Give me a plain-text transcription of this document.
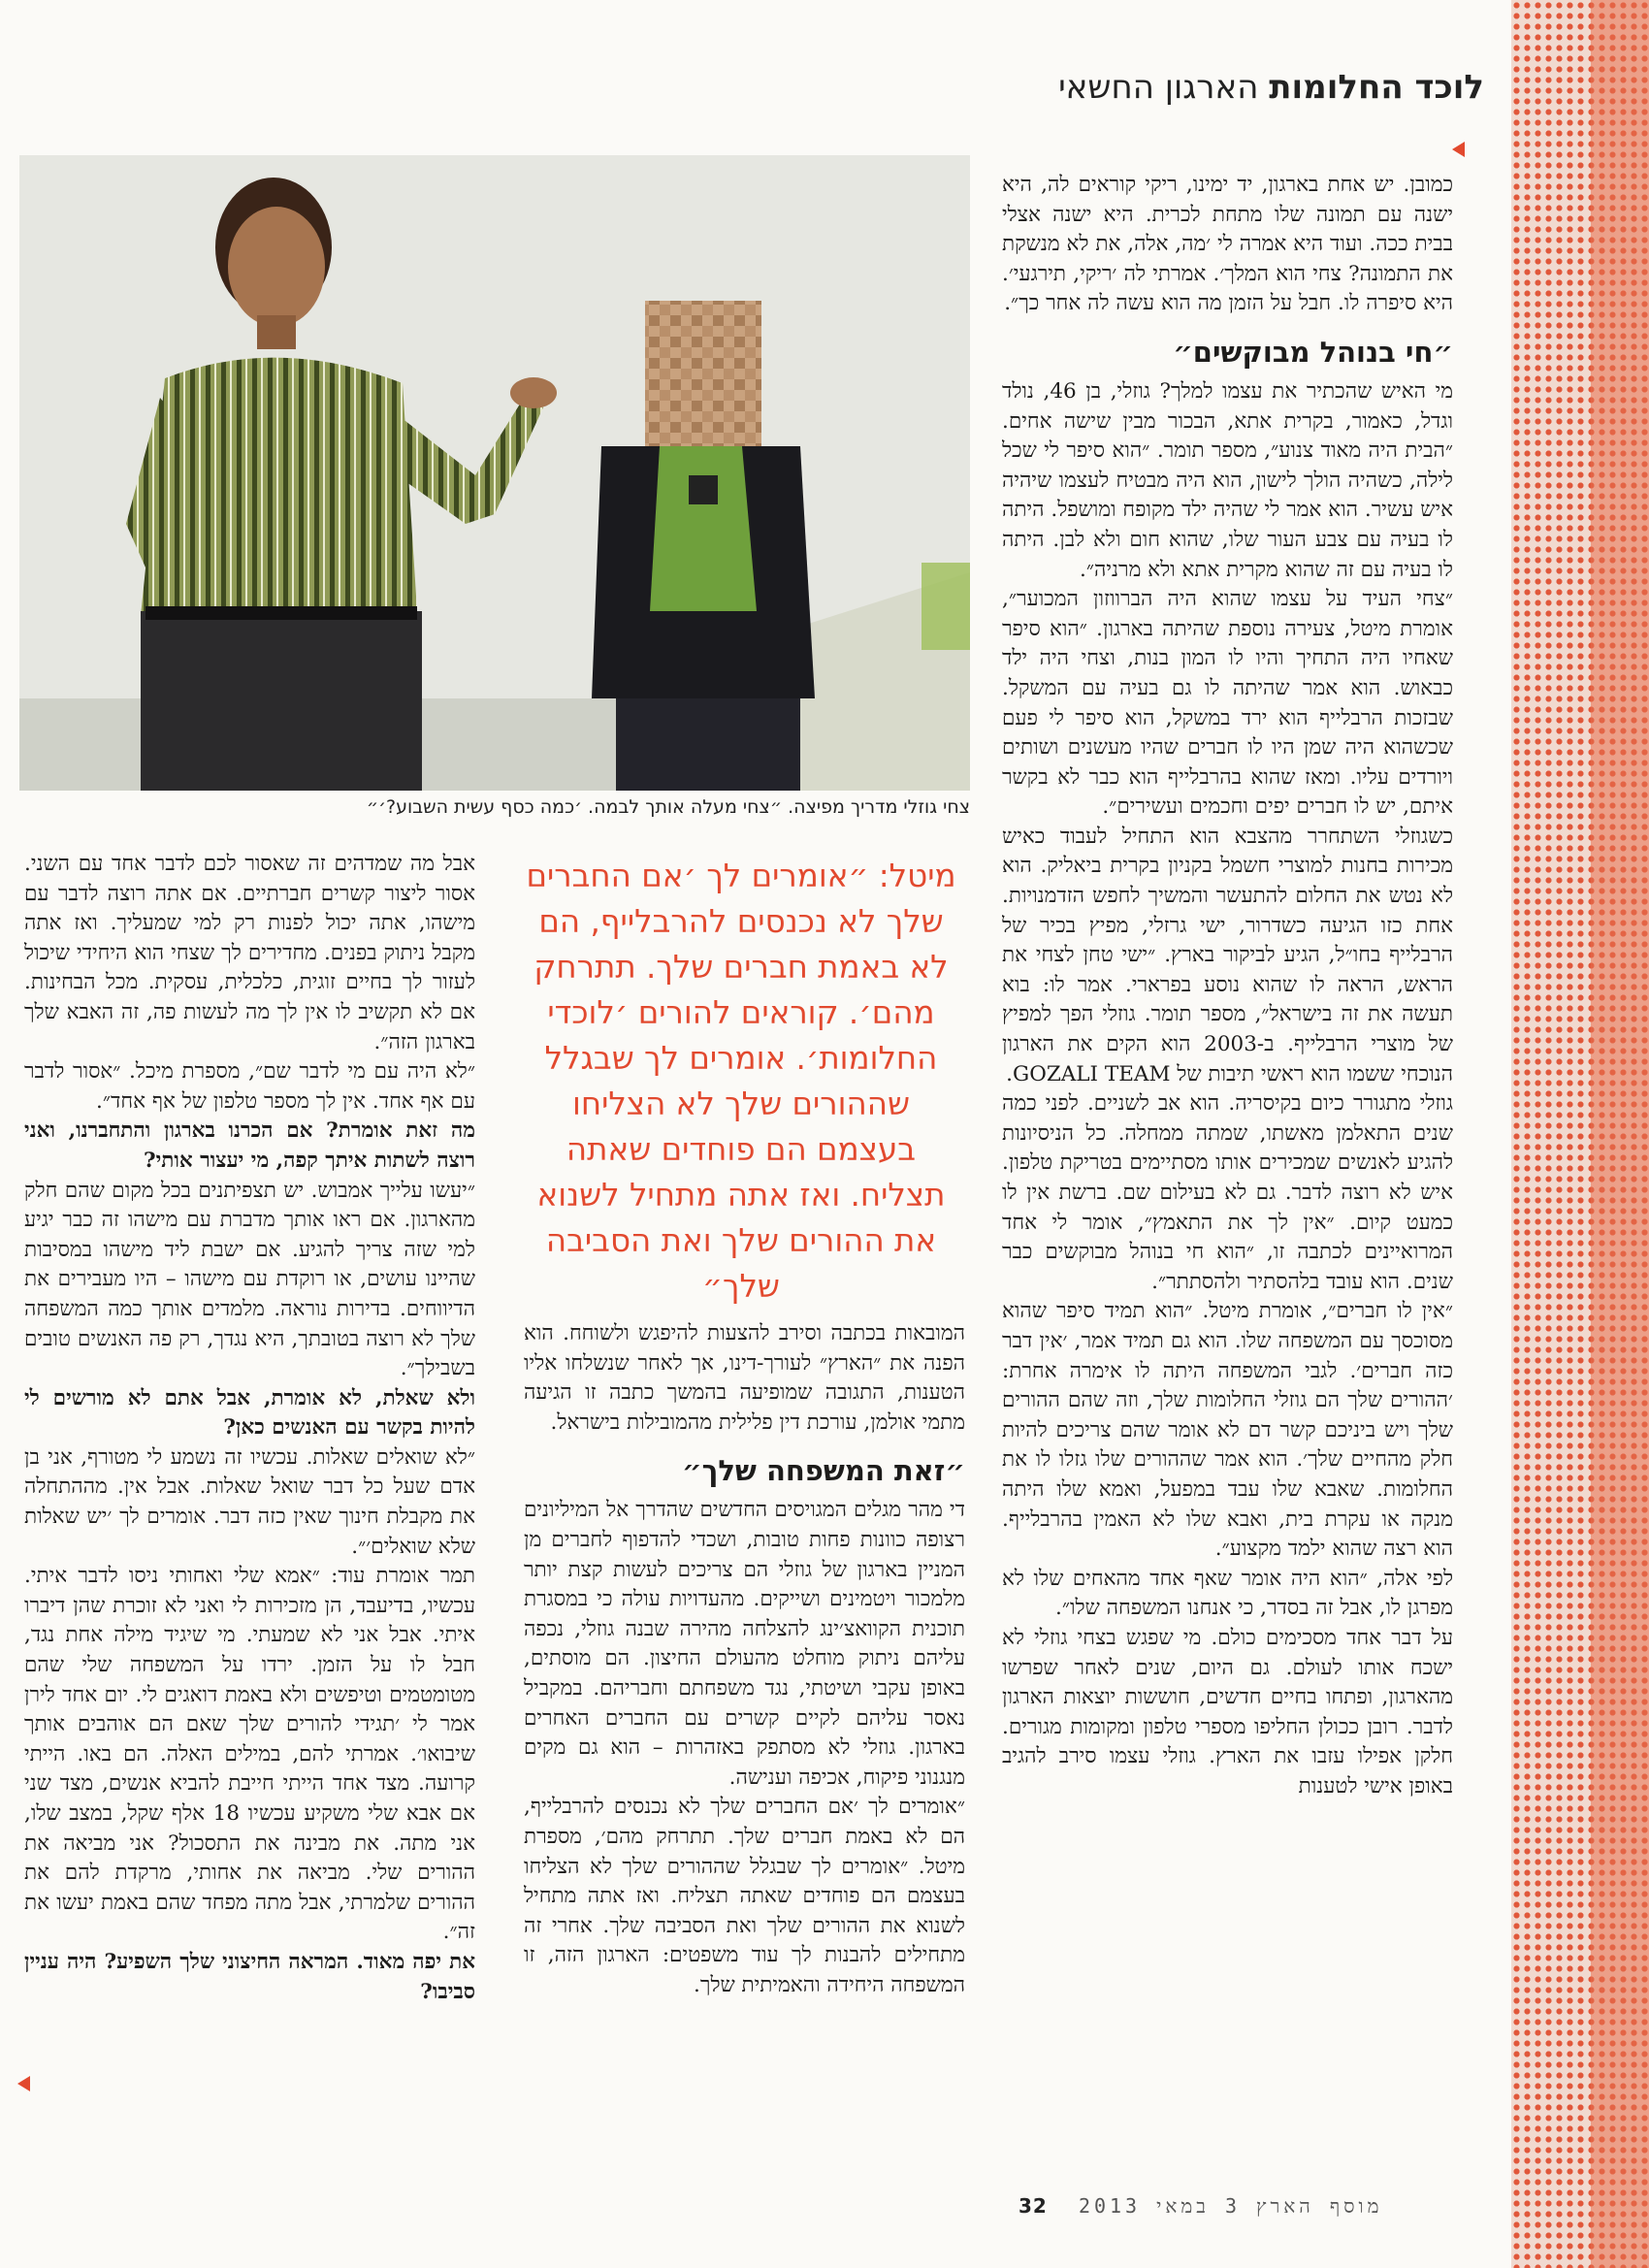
לוכד החלומות הארגון החשאי
צחי גוזלי מדריך מפיצה. ״צחי מעלה אותך לבמה. ׳כמה כסף עשית השבוע?׳״

כמובן. יש אחת בארגון, יד ימינו, ריקי קוראים לה, היא ישנה עם תמונה שלו מתחת לכרית. היא ישנה אצלי בבית ככה. ועוד היא אמרה לי ׳מה, אלה, את לא מנשקת את התמונה? צחי הוא המלך׳. אמרתי לה ׳ריקי, תירגעי׳. היא סיפרה לו. חבל על הזמן מה הוא עשה לה אחר כך״.

״חי בנוהל מבוקשים״

מי האיש שהכתיר את עצמו למלך? גוזלי, בן 46, נולד וגדל, כאמור, בקרית אתא, הבכור מבין שישה אחים. ״הבית היה מאוד צנוע״, מספר תומר. ״הוא סיפר לי שכל לילה, כשהיה הולך לישון, הוא היה מבטיח לעצמו שיהיה איש עשיר. הוא אמר לי שהיה ילד מקופח ומושפל. היתה לו בעיה עם צבע העור שלו, שהוא חום ולא לבן. היתה לו בעיה עם זה שהוא מקרית אתא ולא מרניה״.

״צחי העיד על עצמו שהוא היה הברווזון המכוער״, אומרת מיטל, צעירה נוספת שהיתה בארגון. ״הוא סיפר שאחיו היה התחיך והיו לו המון בנות, וצחי היה ילד כבאוש. הוא אמר שהיתה לו גם בעיה עם המשקל. שבזכות הרבלייף הוא ירד במשקל, הוא סיפר לי פעם שכשהוא היה שמן היו לו חברים שהיו מעשנים ושותים ויורדים עליו. ומאז שהוא בהרבלייף הוא כבר לא בקשר איתם, יש לו חברים יפים וחכמים ועשירים״.

כשגוזלי השתחרר מהצבא הוא התחיל לעבוד כאיש מכירות בחנות למוצרי חשמל בקניון בקרית ביאליק. הוא לא נטש את החלום להתעשר והמשיך לחפש הזדמנויות. אחת כזו הגיעה כשדרור, ישי גרזלי, מפיץ בכיר של הרבלייף בחו״ל, הגיע לביקור בארץ. ״ישי טחן לצחי את הראש, הראה לו שהוא נוסע בפרארי. אמר לו: בוא תעשה את זה בישראל״, מספר תומר. גוזלי הפך למפיץ של מוצרי הרבלייף. ב-2003 הוא הקים את הארגון הנוכחי ששמו הוא ראשי תיבות של GOZALI TEAM.

גוזלי מתגורר כיום בקיסריה. הוא אב לשניים. לפני כמה שנים התאלמן מאשתו, שמתה ממחלה. כל הניסיונות להגיע לאנשים שמכירים אותו מסתיימים בטריקת טלפון. איש לא רוצה לדבר. גם לא בעילום שם. ברשת אין לו כמעט קיום. ״אין לך את התאמץ״, אומר לי אחד המרואיינים לכתבה זו, ״הוא חי בנוהל מבוקשים כבר שנים. הוא עובד בלהסתיר ולהסתתר״.

״אין לו חברים״, אומרת מיטל. ״הוא תמיד סיפר שהוא מסוכסך עם המשפחה שלו. הוא גם תמיד אמר, ׳אין דבר כזה חברים׳. לגבי המשפחה היתה לו אימרה אחרת: ׳ההורים שלך הם גוזלי החלומות שלך, וזה שהם ההורים שלך ויש ביניכם קשר דם לא אומר שהם צריכים להיות חלק מהחיים שלך׳. הוא אמר שההורים שלו גזלו לו את החלומות. שאבא שלו עבד במפעל, ואמא שלו היתה מנקה או עקרת בית, ואבא שלו לא האמין בהרבלייף. הוא רצה שהוא ילמד מקצוע״.

לפי אלה, ״הוא היה אומר שאף אחד מהאחים שלו לא מפרגן לו, אבל זה בסדר, כי אנחנו המשפחה שלו״.

על דבר אחד מסכימים כולם. מי שפגש בצחי גוזלי לא ישכח אותו לעולם. גם היום, שנים לאחר שפרשו מהארגון, ופתחו בחיים חדשים, חוששות יוצאות הארגון לדבר. רובן ככולן החליפו מספרי טלפון ומקומות מגורים. חלקן אפילו עזבו את הארץ. גוזלי עצמו סירב להגיב באופן אישי לטענות

מיטל: ״אומרים לך ׳אם החברים שלך לא נכנסים להרבלייף, הם לא באמת חברים שלך. תתרחק מהם׳. קוראים להורים ׳לוכדי החלומות׳. אומרים לך שבגלל שההורים שלך לא הצליחו בעצמם הם פוחדים שאתה תצליח. ואז אתה מתחיל לשנוא את ההורים שלך ואת הסביבה שלך״

המובאות בכתבה וסירב להצעות להיפגש ולשוחח. הוא הפנה את ״הארץ״ לעורך-דינו, אך לאחר שנשלחו אליו הטענות, התגובה שמופיעה בהמשך כתבה זו הגיעה מתמי אולמן, עורכת דין פלילית מהמובילות בישראל.

״זאת המשפחה שלך״

די מהר מגלים המגויסים החדשים שהדרך אל המיליונים רצופה כוונות פחות טובות, ושכדי להדפוף לחברים מן המניין בארגון של גוזלי הם צריכים לעשות קצת יותר מלמכור ויטמינים ושייקים. מהעדויות עולה כי במסגרת תוכנית הקוואצ׳ינג להצלחה מהירה שבנה גוזלי, נכפה עליהם ניתוק מוחלט מהעולם החיצון. הם מוסתים, באופן עקבי ושיטתי, נגד משפחתם וחבריהם. במקביל נאסר עליהם לקיים קשרים עם החברים האחרים בארגון. גוזלי לא מסתפק באזהרות – הוא גם מקים מנגנוני פיקוח, אכיפה וענישה.

״אומרים לך ׳אם החברים שלך לא נכנסים להרבלייף, הם לא באמת חברים שלך. תתרחק מהם׳, מספרת מיטל. ״אומרים לך שבגלל שההורים שלך לא הצליחו בעצמם הם פוחדים שאתה תצליח. ואז אתה מתחיל לשנוא את ההורים שלך ואת הסביבה שלך. אחרי זה מתחילים להבנות לך עוד משפטים: הארגון הזה, זו המשפחה היחידה והאמיתית שלך.

אבל מה שמדהים זה שאסור לכם לדבר אחד עם השני. אסור ליצור קשרים חברתיים. אם אתה רוצה לדבר עם מישהו, אתה יכול לפנות רק למי שמעליך. ואז אתה מקבל ניתוק בפנים. מחדירים לך שצחי הוא היחידי שיכול לעזור לך בחיים זוגית, כלכלית, עסקית. מכל הבחינות. אם לא תקשיב לו אין לך מה לעשות פה, זה האבא שלך בארגון הזה״.

״לא היה עם מי לדבר שם״, מספרת מיכל. ״אסור לדבר עם אף אחד. אין לך מספר טלפון של אף אחד״.

מה זאת אומרת? אם הכרנו בארגון והתחברנו, ואני רוצה לשתות איתך קפה, מי יעצור אותי?

״יעשו עלייך אמבוש. יש תצפיתנים בכל מקום שהם חלק מהארגון. אם ראו אותך מדברת עם מישהו זה כבר יגיע למי שזה צריך להגיע. אם ישבת ליד מישהו במסיבות שהיינו עושים, או רוקדת עם מישהו – היו מעבירים את הדיווחים. בדירות נוראה. מלמדים אותך כמה המשפחה שלך לא רוצה בטובתך, היא נגדך, רק פה האנשים טובים בשבילך״.

ולא שאלת, לא אומרת, אבל אתם לא מורשים לי להיות בקשר עם האנשים כאן?

״לא שואלים שאלות. עכשיו זה נשמע לי מטורף, אני בן אדם שעל כל דבר שואל שאלות. אבל אין. מההתחלה את מקבלת חינוך שאין כזה דבר. אומרים לך ׳יש שאלות שלא שואלים׳״.

תמר אומרת עוד: ״אמא שלי ואחותי ניסו לדבר איתי. עכשיו, בדיעבד, הן מזכירות לי ואני לא זוכרת שהן דיברו איתי. אבל אני לא שמעתי. מי שיגיד מילה אחת נגד, חבל לו על הזמן. ירדו על המשפחה שלי שהם מטומטמים וטיפשים ולא באמת דואגים לי. יום אחד לירן אמר לי ׳תגידי להורים שלך שאם הם אוהבים אותך שיבואו׳. אמרתי להם, במילים האלה. הם באו. הייתי קרועה. מצד אחד הייתי חייבת להביא אנשים, מצד שני אם אבא שלי משקיע עכשיו 18 אלף שקל, במצב שלו, אני מתה. את מבינה את התסכול? אני מביאה את ההורים שלי. מביאה את אחותי, מרקדת להם את ההורים שלמרתי, אבל מתה מפחד שהם באמת יעשו את זה״.

את יפה מאוד. המראה החיצוני שלך השפיע? היה עניין סביבו?

מוסף הארץ 3 במאי 2013  32
